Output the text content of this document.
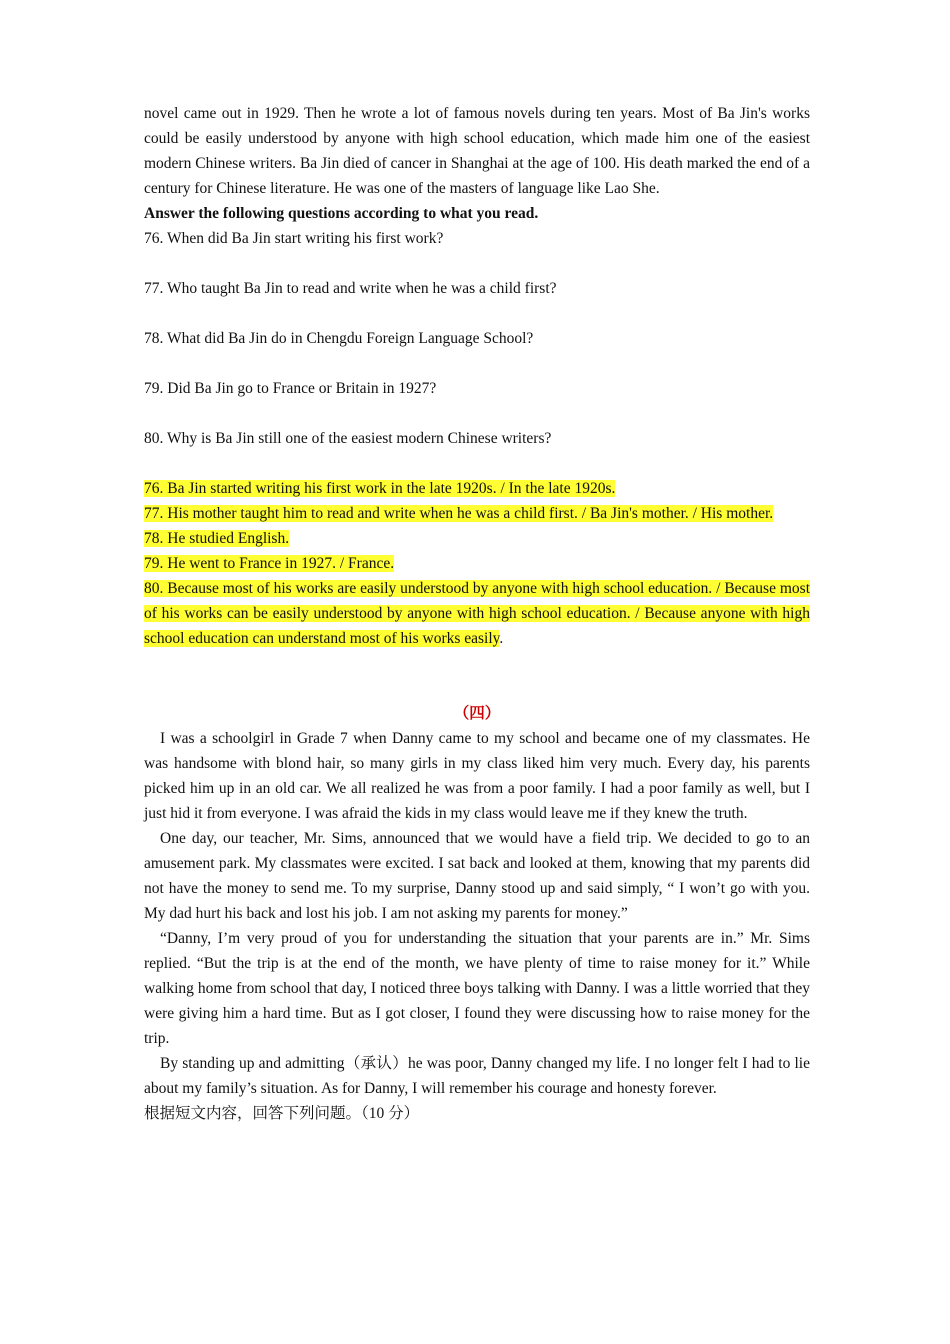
novel came out in 1929. Then he wrote a lot of famous novels during ten years. Most of Ba Jin's works could be easily understood by anyone with high school education, which made him one of the easiest modern Chinese writers. Ba Jin died of cancer in Shanghai at the age of 100. His death marked the end of a century for Chinese literature. He was one of the masters of language like Lao She.

Answer the following questions according to what you read.

76. When did Ba Jin start writing his first work?

77. Who taught Ba Jin to read and write when he was a child first?

78. What did Ba Jin do in Chengdu Foreign Language School?

79. Did Ba Jin go to France or Britain in 1927?

80. Why is Ba Jin still one of the easiest modern Chinese writers?

76. Ba Jin started writing his first work in the late 1920s. / In the late 1920s.

77. His mother taught him to read and write when he was a child first. / Ba Jin's mother. / His mother.

78. He studied English.

79. He went to France in 1927. / France.

80. Because most of his works are easily understood by anyone with high school education. / Because most of his works can be easily understood by anyone with high school education. / Because anyone with high school education can understand most of his works easily.

（四）

I was a schoolgirl in Grade 7 when Danny came to my school and became one of my classmates. He was handsome with blond hair, so many girls in my class liked him very much. Every day, his parents picked him up in an old car. We all realized he was from a poor family. I had a poor family as well, but I just hid it from everyone. I was afraid the kids in my class would leave me if they knew the truth.

One day, our teacher, Mr. Sims, announced that we would have a field trip. We decided to go to an amusement park. My classmates were excited. I sat back and looked at them, knowing that my parents did not have the money to send me. To my surprise, Danny stood up and said simply, “ I won’t go with you. My dad hurt his back and lost his job. I am not asking my parents for money.”

“Danny, I’m very proud of you for understanding the situation that your parents are in.” Mr. Sims replied. “But the trip is at the end of the month, we have plenty of time to raise money for it.” While walking home from school that day, I noticed three boys talking with Danny. I was a little worried that they were giving him a hard time. But as I got closer, I found they were discussing how to raise money for the trip.

By standing up and admitting（承认）he was poor, Danny changed my life. I no longer felt I had to lie about my family’s situation. As for Danny, I will remember his courage and honesty forever.

根据短文内容，回答下列问题。（10 分）
